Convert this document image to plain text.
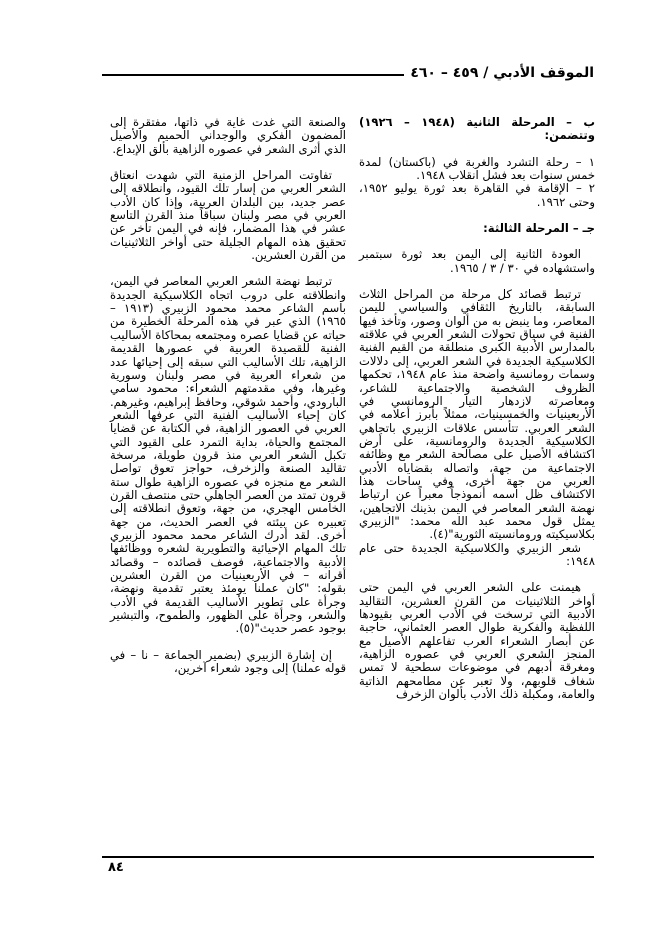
الموقف الأدبي / ٤٥٩ – ٤٦٠

ب – المرحلة الثانية (١٩٤٨ – ١٩٢٦) وتتضمن:

١ – رحلة التشرد والغربة في (باكستان) لمدة خمس سنوات بعد فشل انقلاب ١٩٤٨.

٢ – الإقامة في القاهرة بعد ثورة يوليو ١٩٥٢، وحتى ١٩٦٢.

جـ – المرحلة الثالثة:

العودة الثانية إلى اليمن بعد ثورة سبتمبر واستشهاده في ٣٠ / ٣ / ١٩٦٥.

ترتبط قصائد كل مرحلة من المراحل الثلاث السابقة، بالتاريخ الثقافي والسياسي لليمن المعاصر، وما ينبض به من ألوان وصور، وتأخذ فيها الفنية في سياق تحولات الشعر العربي في علاقته بالمدارس الأدبية الكبرى منطلقة من القيم الفنية الكلاسيكية الجديدة في الشعر العربي، إلى دلالات وسمات رومانسية واضحة منذ عام ١٩٤٨، تحكمها الظروف الشخصية والاجتماعية للشاعر، ومعاصرته لازدهار التيار الرومانسي في الأربعينيات والخمسينيات، ممثلاً بأبرز أعلامه في الشعر العربي. تتأسس علاقات الزبيري باتجاهي الكلاسيكية الجديدة والرومانسية، على أرض اكتشافه الأصيل على مصالحة الشعر مع وظائفه الاجتماعية من جهة، واتصاله بقضاياه الأدبي العربي من جهة أخرى، وفي ساحات هذا الاكتشاف ظل اسمه أنموذجاً معبراً عن ارتباط نهضة الشعر المعاصر في اليمن بذينك الاتجاهين، يمثل قول محمد عبد الله محمد: "الزبيري بكلاسيكيته ورومانسيته الثورية"(٤).

شعر الزبيري والكلاسيكية الجديدة حتى عام ١٩٤٨:

هيمنت على الشعر العربي في اليمن حتى أواخر الثلاثينيات من القرن العشرين، التقاليد الأدبية التي ترسخت في الأدب العربي بقيودها اللفظية والفكرية طوال العصر العثماني، حاجبة عن أبصار الشعراء العرب تفاعلهم الأصيل مع المنجز الشعري العربي في عصوره الزاهية، ومغرقة أدبهم في موضوعات سطحية لا تمس شغاف قلوبهم، ولا تعبر عن مطامحهم الذاتية والعامة، ومكبلة ذلك الأدب بألوان الزخرف

والصنعة التي غدت غاية في ذاتها، مفتقرة إلى المضمون الفكري والوجداني الحميم والأصيل الذي أثرى الشعر في عصوره الزاهية بألق الإبداع.

تفاوتت المراحل الزمنية التي شهدت انعتاق الشعر العربي من إسار تلك القيود، وانطلاقه إلى عصر جديد، بين البلدان العربية، وإذا كان الأدب العربي في مصر ولبنان سباقاً منذ القرن التاسع عشر في هذا المضمار، فإنه في اليمن تأخر عن تحقيق هذه المهام الجليلة حتى أواخر الثلاثينيات من القرن العشرين.

ترتبط نهضة الشعر العربي المعاصر في اليمن، وانطلاقته على دروب اتجاه الكلاسيكية الجديدة باسم الشاعر محمد محمود الزبيري (١٩١٣ – ١٩٦٥) الذي عبر في هذه المرحلة الخطيرة من حياته عن قضايا عصره ومجتمعه بمحاكاة الأساليب الفنية للقصيدة العربية في عصورها القديمة الزاهية، تلك الأساليب التي سبقه إلى إحيائها عدد من شعراء العربية في مصر ولبنان وسورية وغيرها، وفي مقدمتهم الشعراء: محمود سامي البارودي، وأحمد شوقي، وحافظ إبراهيم، وغيرهم. كان إحياء الأساليب الفنية التي عرفها الشعر العربي في العصور الزاهية، في الكتابة عن قضايا المجتمع والحياة، بداية التمرد على القيود التي تكبل الشعر العربي منذ قرون طويلة، مرسخة تقاليد الصنعة والزخرف، حواجز تعوق تواصل الشعر مع منجزه في عصوره الزاهية طوال ستة قرون تمتد من العصر الجاهلي حتى منتصف القرن الخامس الهجري، من جهة، وتعوق انطلاقته إلى تعبيره عن بيئته في العصر الحديث، من جهة أخرى. لقد أدرك الشاعر محمد محمود الزبيري تلك المهام الإحيائية والتطويرية لشعره ووظائفها الأدبية والاجتماعية، فوصف قصائده – وقصائد أقرانه – في الأربعينيات من القرن العشرين بقوله: "كان عملنا يومئذ يعتبر تقدمية ونهضة، وجرأة على تطوير الأساليب القديمة في الأدب والشعر، وجرأة على الظهور، والطموح، والتبشير بوجود عصر حديث"(٥).

إن إشارة الزبيري (بضمير الجماعة – نا – في قوله عملنا) إلى وجود شعراء آخرين،

٨٤
